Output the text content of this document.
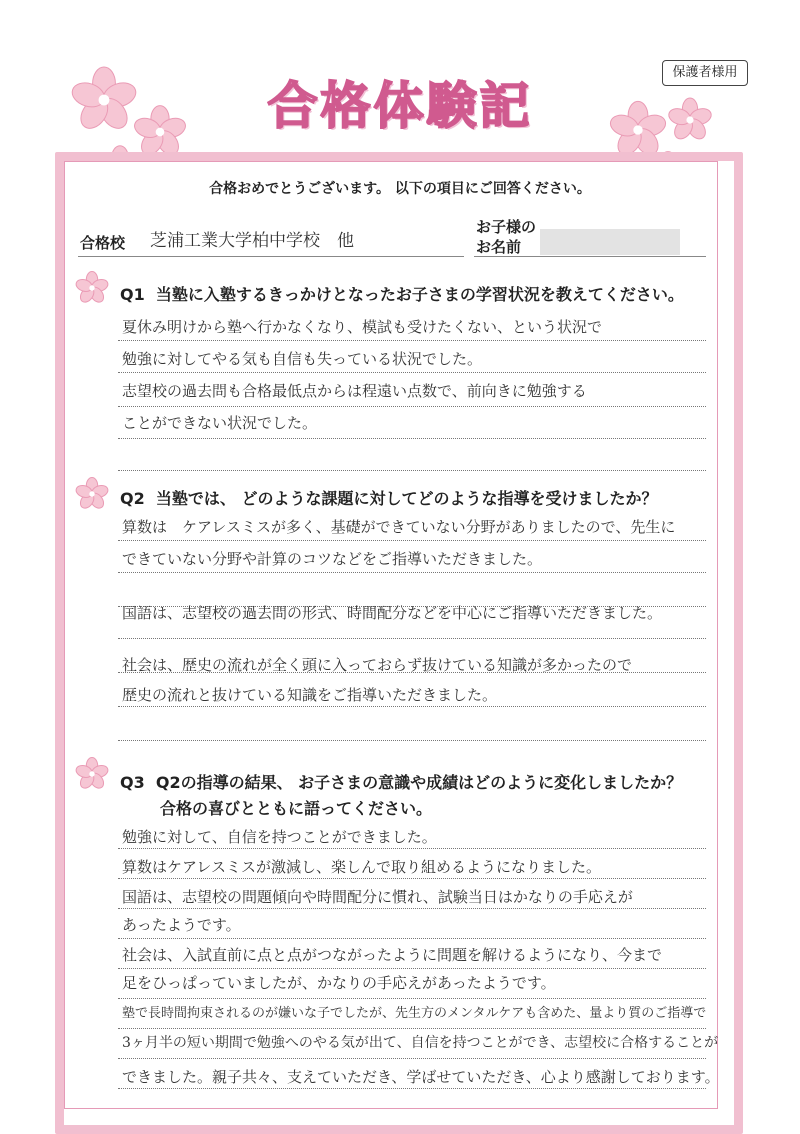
保護者様用
合格体験記
合格おめでとうございます。 以下の項目にご回答ください。
合格校 芝浦工業大学柏中学校　他
お子様の
お名前
Q1 当塾に入塾するきっかけとなったお子さまの学習状況を教えてください。
夏休み明けから塾へ行かなくなり、模試も受けたくない、という状況で
勉強に対してやる気も自信も失っている状況でした。
志望校の過去問も合格最低点からは程遠い点数で、前向きに勉強する
ことができない状況でした。
Q2 当塾では、 どのような課題に対してどのような指導を受けましたか？
算数は　ケアレスミスが多く、基礎ができていない分野がありましたので、先生に
できていない分野や計算のコツなどをご指導いただきました。
国語は、志望校の過去問の形式、時間配分などを中心にご指導いただきました。
社会は、歴史の流れが全く頭に入っておらず抜けている知識が多かったので
歴史の流れと抜けている知識をご指導いただきました。
Q3 Q2の指導の結果、 お子さまの意識や成績はどのように変化しましたか？
合格の喜びとともに語ってください。
勉強に対して、自信を持つことができました。
算数はケアレスミスが激減し、楽しんで取り組めるようになりました。
国語は、志望校の問題傾向や時間配分に慣れ、試験当日はかなりの手応えが
あったようです。
社会は、入試直前に点と点がつながったように問題を解けるようになり、今まで
足をひっぱっていましたが、かなりの手応えがあったようです。
塾で長時間拘束されるのが嫌いな子でしたが、先生方のメンタルケアも含めた、量より質のご指導で
3ヶ月半の短い期間で勉強へのやる気が出て、自信を持つことができ、志望校に合格することが
できました。親子共々、支えていただき、学ばせていただき、心より感謝しております。
